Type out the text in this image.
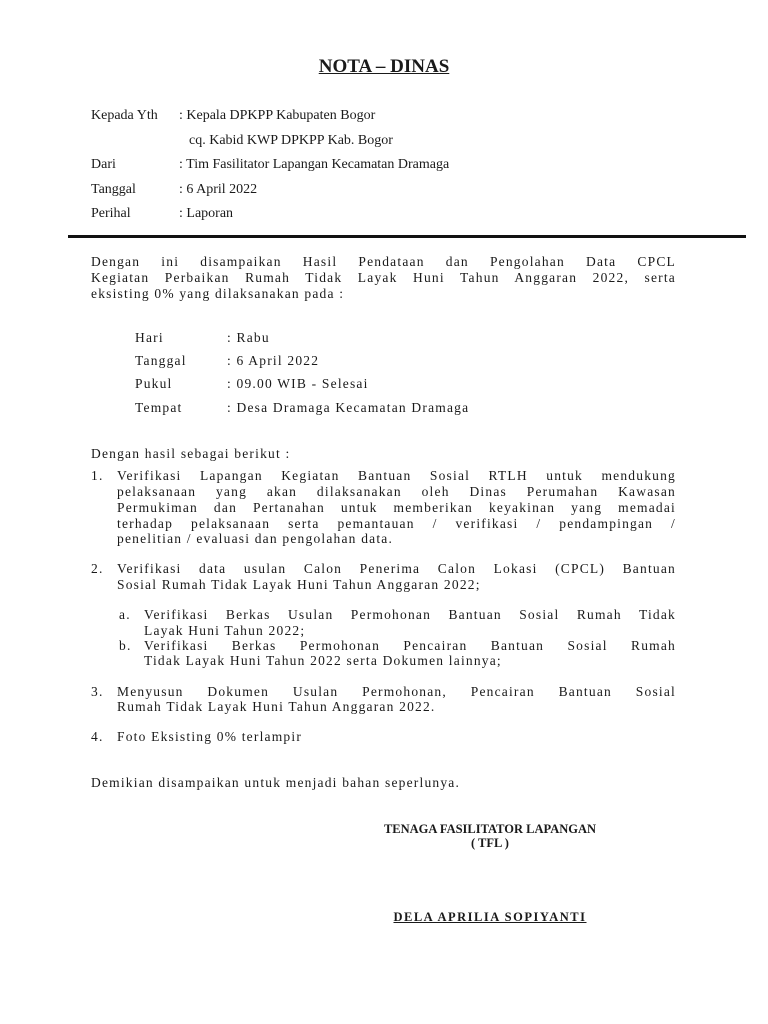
NOTA – DINAS
Kepada Yth : Kepala DPKPP Kabupaten Bogor
cq. Kabid KWP DPKPP Kab. Bogor
Dari	: Tim Fasilitator Lapangan Kecamatan Dramaga
Tanggal	: 6 April 2022
Perihal	: Laporan
Dengan ini disampaikan Hasil Pendataan dan Pengolahan Data CPCL
Kegiatan Perbaikan Rumah Tidak Layak Huni Tahun Anggaran 2022, serta
eksisting 0% yang dilaksanakan pada :
Hari	: Rabu
Tanggal	: 6 April 2022
Pukul	: 09.00 WIB - Selesai
Tempat	: Desa Dramaga Kecamatan Dramaga
Dengan hasil sebagai berikut :
1. Verifikasi Lapangan Kegiatan Bantuan Sosial RTLH untuk mendukung
pelaksanaan yang akan dilaksanakan oleh Dinas Perumahan Kawasan
Permukiman dan Pertanahan untuk memberikan keyakinan yang memadai
terhadap pelaksanaan serta pemantauan / verifikasi / pendampingan /
penelitian / evaluasi dan pengolahan data.
2. Verifikasi data usulan Calon Penerima Calon Lokasi (CPCL) Bantuan
Sosial Rumah Tidak Layak Huni Tahun Anggaran 2022;
a. Verifikasi Berkas Usulan Permohonan Bantuan Sosial Rumah Tidak
Layak Huni Tahun 2022;
b. Verifikasi Berkas Permohonan Pencairan Bantuan Sosial Rumah
Tidak Layak Huni Tahun 2022 serta Dokumen lainnya;
3. Menyusun Dokumen Usulan Permohonan, Pencairan Bantuan Sosial
Rumah Tidak Layak Huni Tahun Anggaran 2022.
4. Foto Eksisting 0% terlampir
Demikian disampaikan untuk menjadi bahan seperlunya.
TENAGA FASILITATOR LAPANGAN
( TFL )
DELA APRILIA SOPIYANTI
